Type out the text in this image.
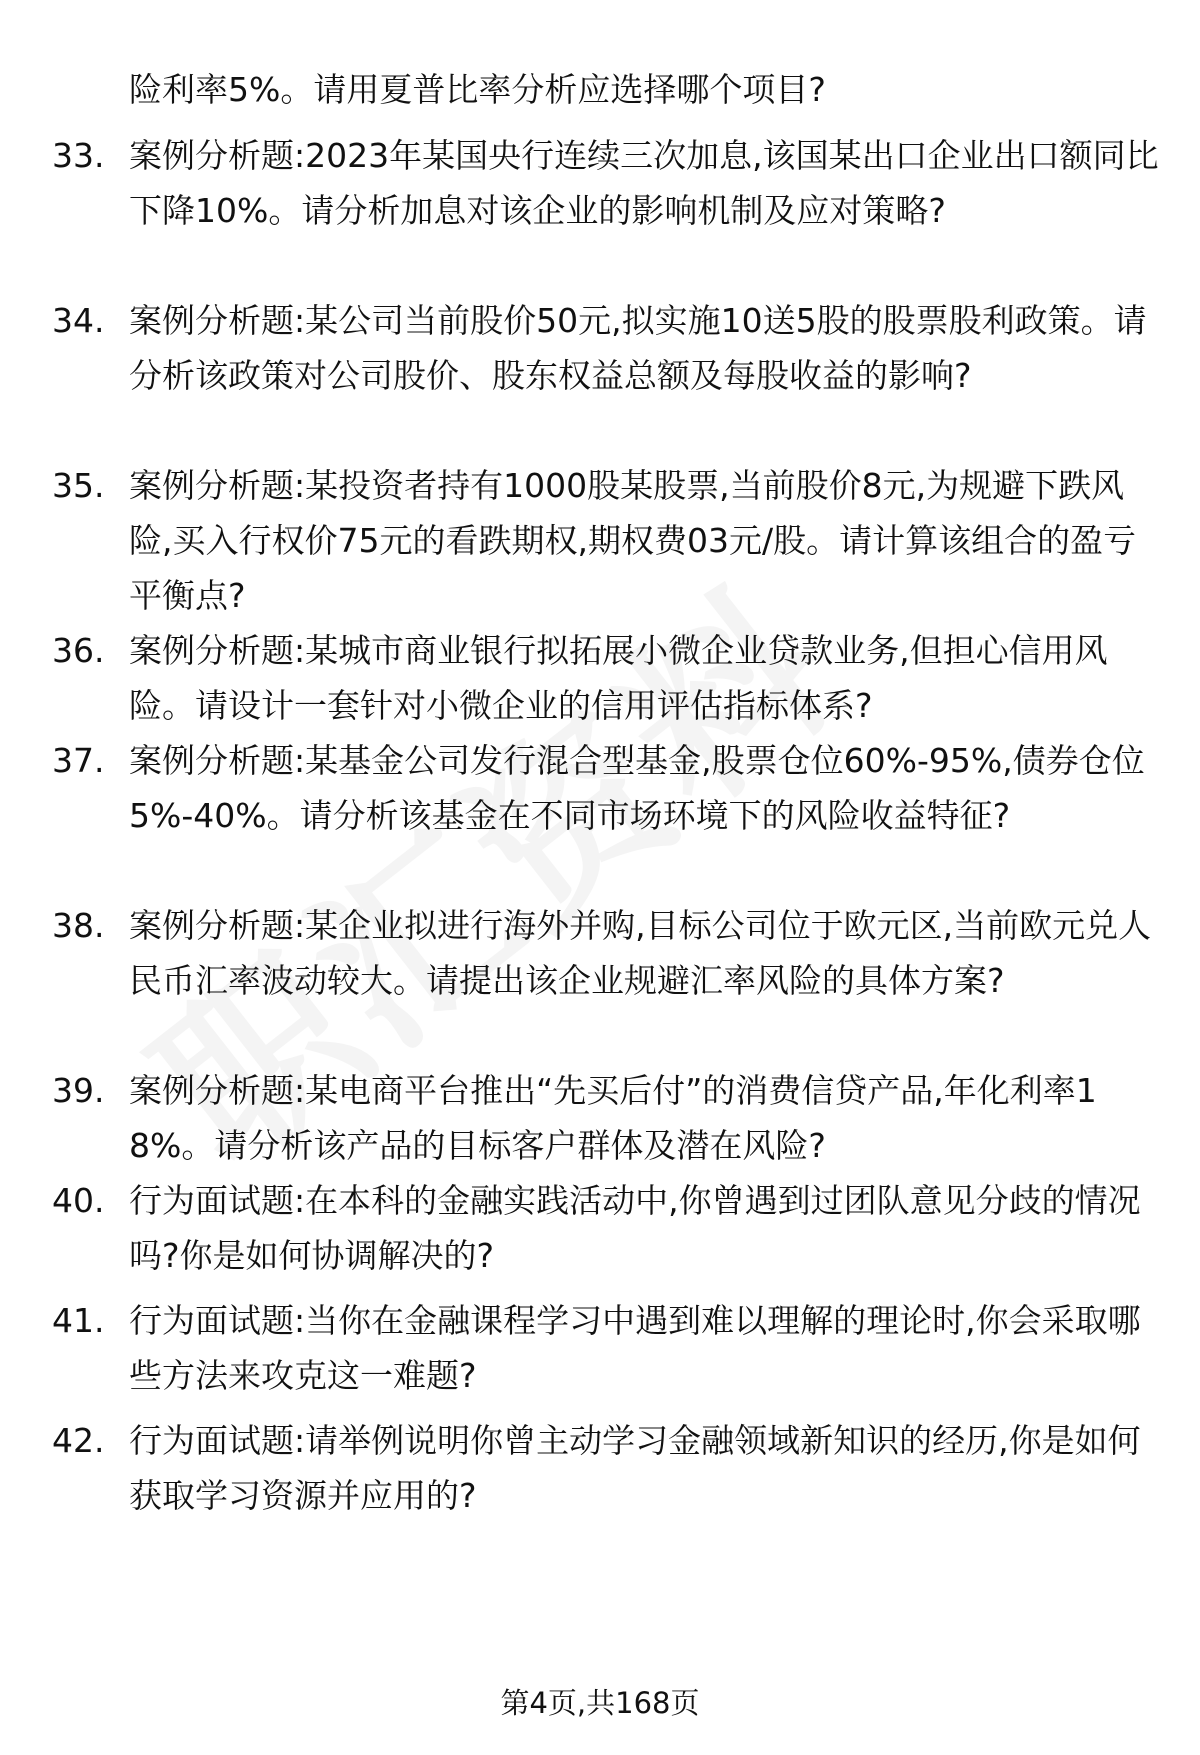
险利率5%。请用夏普比率分析应选择哪个项目?
33. 案例分析题:2023年某国央行连续三次加息,该国某出口企业出口额同比下降10%。请分析加息对该企业的影响机制及应对策略?
34. 案例分析题:某公司当前股价50元,拟实施10送5股的股票股利政策。请分析该政策对公司股价、股东权益总额及每股收益的影响?
35. 案例分析题:某投资者持有1000股某股票,当前股价8元,为规避下跌风险,买入行权价75元的看跌期权,期权费03元/股。请计算该组合的盈亏平衡点?
36. 案例分析题:某城市商业银行拟拓展小微企业贷款业务,但担心信用风险。请设计一套针对小微企业的信用评估指标体系?
37. 案例分析题:某基金公司发行混合型基金,股票仓位60%-95%,债券仓位5%-40%。请分析该基金在不同市场环境下的风险收益特征?
38. 案例分析题:某企业拟进行海外并购,目标公司位于欧元区,当前欧元兑人民币汇率波动较大。请提出该企业规避汇率风险的具体方案?
39. 案例分析题:某电商平台推出“先买后付”的消费信贷产品,年化利率18%。请分析该产品的目标客户群体及潜在风险?
40. 行为面试题:在本科的金融实践活动中,你曾遇到过团队意见分歧的情况吗?你是如何协调解决的?
41. 行为面试题:当你在金融课程学习中遇到难以理解的理论时,你会采取哪些方法来攻克这一难题?
42. 行为面试题:请举例说明你曾主动学习金融领域新知识的经历,你是如何获取学习资源并应用的?
第4页,共168页
